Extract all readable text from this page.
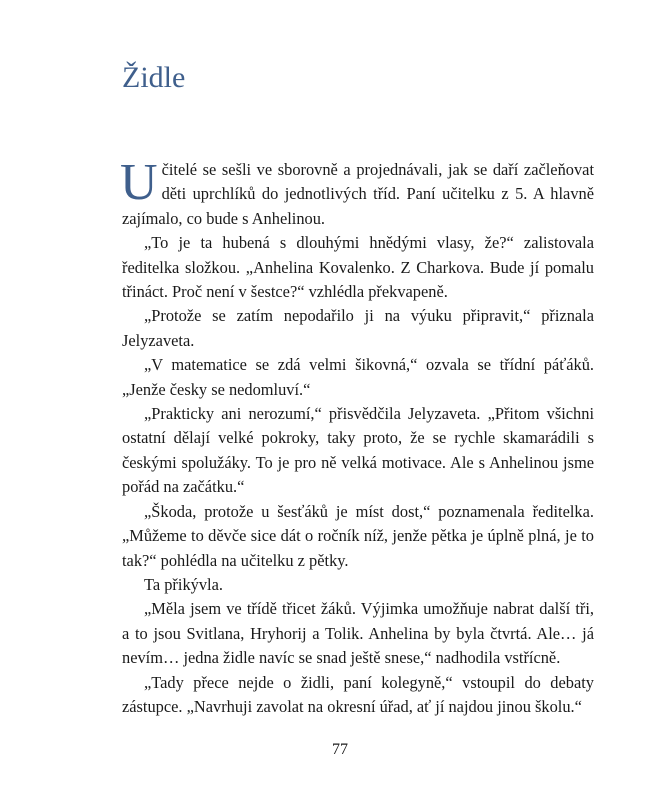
Židle

Učitelé se sešli ve sborovně a projednávali, jak se daří začleňovat děti uprchlíků do jednotlivých tříd. Paní učitelku z 5. A hlavně zajímalo, co bude s Anhelinou.

„To je ta hubená s dlouhými hnědými vlasy, že?“ zalistovala ředitelka složkou. „Anhelina Kovalenko. Z Charkova. Bude jí pomalu třináct. Proč není v šestce?“ vzhlédla překvapeně.

„Protože se zatím nepodařilo ji na výuku připravit,“ přiznala Jelyzaveta.

„V matematice se zdá velmi šikovná,“ ozvala se třídní páťáků. „Jenže česky se nedomluví.“

„Prakticky ani nerozumí,“ přisvědčila Jelyzaveta. „Přitom všichni ostatní dělají velké pokroky, taky proto, že se rychle skamarádili s českými spolužáky. To je pro ně velká motivace. Ale s Anhelinou jsme pořád na začátku.“

„Škoda, protože u šesťáků je míst dost,“ poznamenala ředitelka. „Můžeme to děvče sice dát o ročník níž, jenže pětka je úplně plná, je to tak?“ pohlédla na učitelku z pětky.

Ta přikývla.

„Měla jsem ve třídě třicet žáků. Výjimka umožňuje nabrat další tři, a to jsou Svitlana, Hryhorij a Tolik. Anhelina by byla čtvrtá. Ale… já nevím… jedna židle navíc se snad ještě snese,“ nadhodila vstřícně.

„Tady přece nejde o židli, paní kolegyně,“ vstoupil do debaty zástupce. „Navrhuji zavolat na okresní úřad, ať jí najdou jinou školu.“

77
